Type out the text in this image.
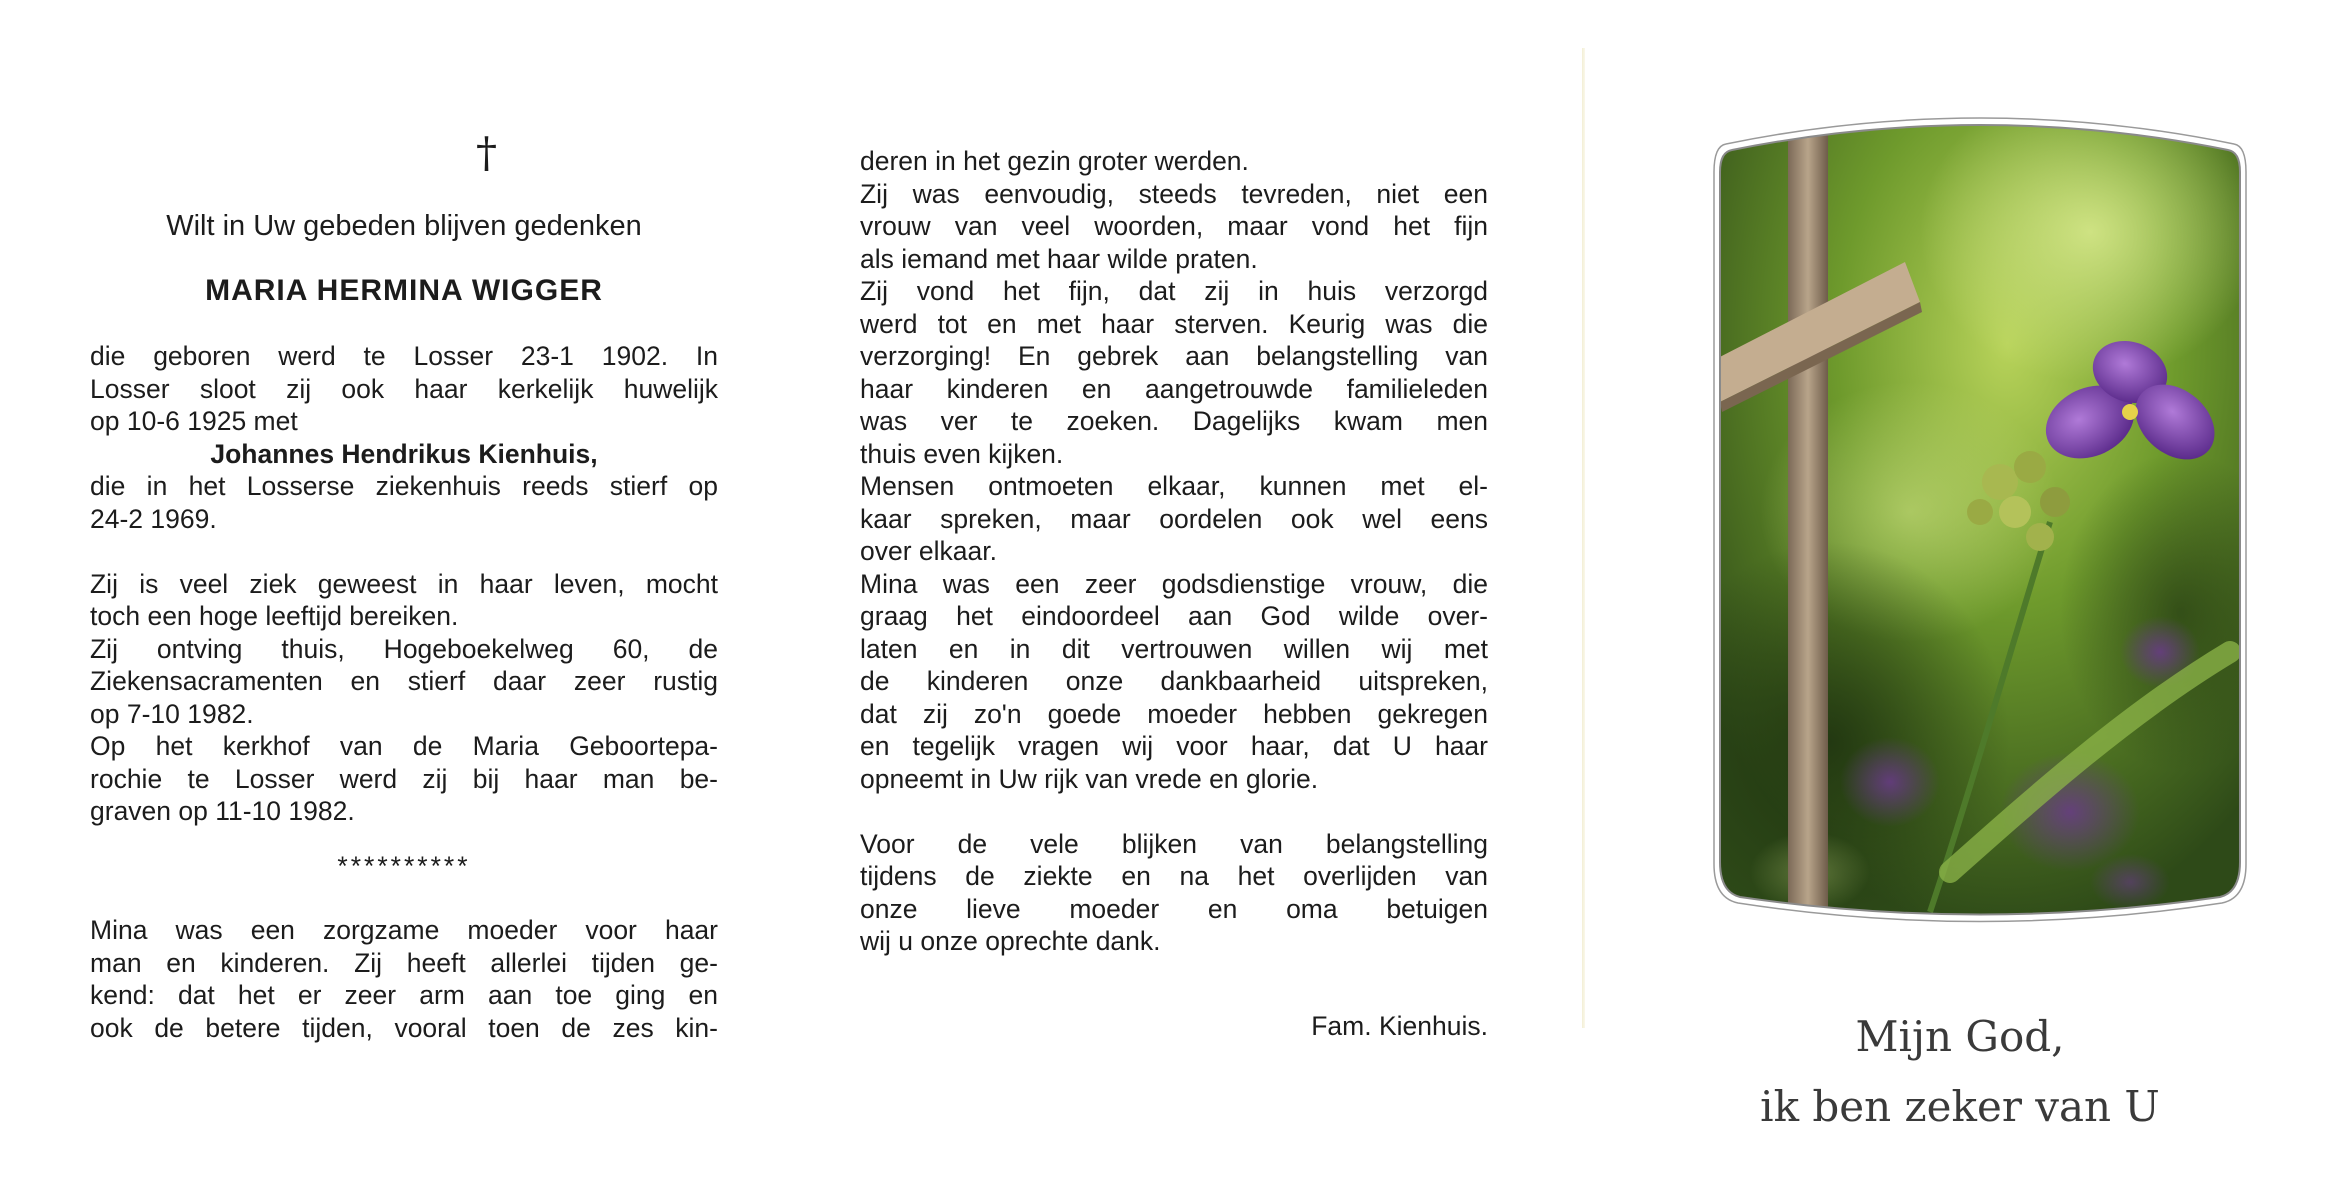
†
Wilt in Uw gebeden blijven gedenken
MARIA HERMINA WIGGER
die geboren werd te Losser 23-1 1902. In
Losser sloot zij ook haar kerkelijk huwelijk
op 10-6 1925 met
Johannes Hendrikus Kienhuis,
die in het Losserse ziekenhuis reeds stierf op
24-2 1969.
Zij is veel ziek geweest in haar leven, mocht
toch een hoge leeftijd bereiken.
Zij ontving thuis, Hogeboekelweg 60, de
Ziekensacramenten en stierf daar zeer rustig
op 7-10 1982.
Op het kerkhof van de Maria Geboortepa-
rochie te Losser werd zij bij haar man be-
graven op 11-10 1982.
**********
Mina was een zorgzame moeder voor haar
man en kinderen. Zij heeft allerlei tijden ge-
kend: dat het er zeer arm aan toe ging en
ook de betere tijden, vooral toen de zes kin-
deren in het gezin groter werden.
Zij was eenvoudig, steeds tevreden, niet een
vrouw van veel woorden, maar vond het fijn
als iemand met haar wilde praten.
Zij vond het fijn, dat zij in huis verzorgd
werd tot en met haar sterven. Keurig was die
verzorging! En gebrek aan belangstelling van
haar kinderen en aangetrouwde familieleden
was ver te zoeken. Dagelijks kwam men
thuis even kijken.
Mensen ontmoeten elkaar, kunnen met el-
kaar spreken, maar oordelen ook wel eens
over elkaar.
Mina was een zeer godsdienstige vrouw, die
graag het eindoordeel aan God wilde over-
laten en in dit vertrouwen willen wij met
de kinderen onze dankbaarheid uitspreken,
dat zij zo'n goede moeder hebben gekregen
en tegelijk vragen wij voor haar, dat U haar
opneemt in Uw rijk van vrede en glorie.
Voor de vele blijken van belangstelling
tijdens de ziekte en na het overlijden van
onze lieve moeder en oma betuigen
wij u onze oprechte dank.
Fam. Kienhuis.	Mijn God,
ik ben zeker van U
